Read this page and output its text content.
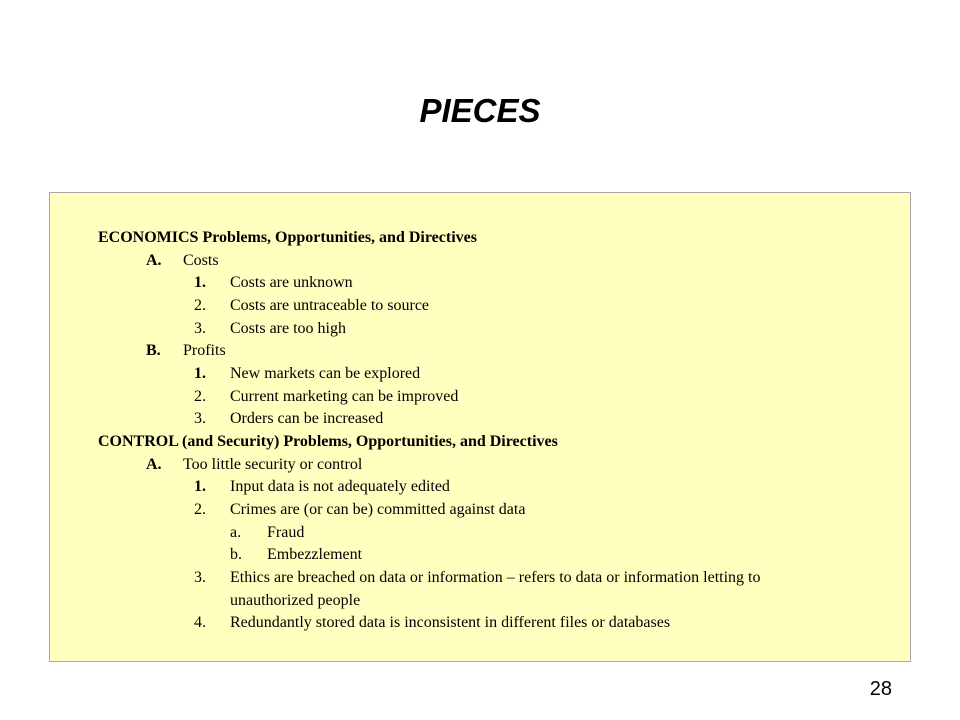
PIECES
ECONOMICS Problems, Opportunities, and Directives
A. Costs
1. Costs are unknown
2. Costs are untraceable to source
3. Costs are too high
B. Profits
1. New markets can be explored
2. Current marketing can be improved
3. Orders can be increased
CONTROL (and Security) Problems, Opportunities, and Directives
A. Too little security or control
1. Input data is not adequately edited
2. Crimes are (or can be) committed against data
a. Fraud
b. Embezzlement
3. Ethics are breached on data or information – refers to data or information letting to
unauthorized people
4. Redundantly stored data is inconsistent in different files or databases
28
